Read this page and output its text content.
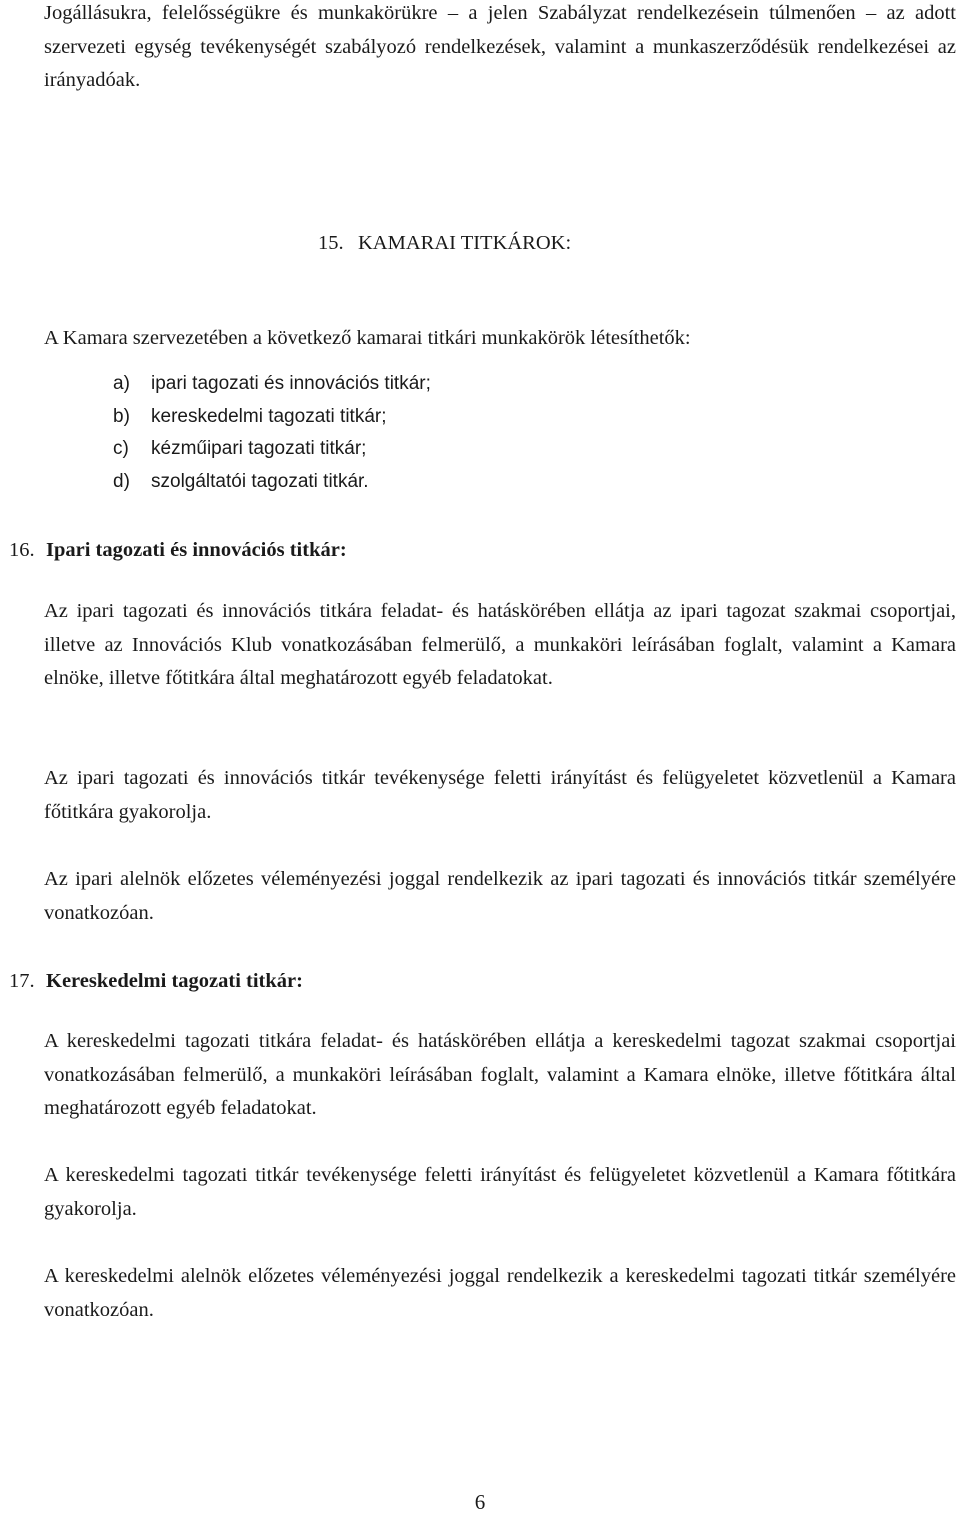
Jogállásukra, felelősségükre és munkakörükre – a jelen Szabályzat rendelkezésein túlmenően – az adott szervezeti egység tevékenységét szabályozó rendelkezések, valamint a munkaszerződésük rendelkezései az irányadóak.

15. KAMARAI TITKÁROK:

A Kamara szervezetében a következő kamarai titkári munkakörök létesíthetők:

a) ipari tagozati és innovációs titkár;
b) kereskedelmi tagozati titkár;
c) kézműipari tagozati titkár;
d) szolgáltatói tagozati titkár.
16. Ipari tagozati és innovációs titkár:

Az ipari tagozati és innovációs titkára feladat- és hatáskörében ellátja az ipari tagozat szakmai csoportjai, illetve az Innovációs Klub vonatkozásában felmerülő, a munkaköri leírásában foglalt, valamint a Kamara elnöke, illetve főtitkára által meghatározott egyéb feladatokat.

Az ipari tagozati és innovációs titkár tevékenysége feletti irányítást és felügyeletet közvetlenül a Kamara főtitkára gyakorolja.

Az ipari alelnök előzetes véleményezési joggal rendelkezik az ipari tagozati és innovációs titkár személyére vonatkozóan.

17. Kereskedelmi tagozati titkár:

A kereskedelmi tagozati titkára feladat- és hatáskörében ellátja a kereskedelmi tagozat szakmai csoportjai vonatkozásában felmerülő, a munkaköri leírásában foglalt, valamint a Kamara elnöke, illetve főtitkára által meghatározott egyéb feladatokat.

A kereskedelmi tagozati titkár tevékenysége feletti irányítást és felügyeletet közvetlenül a Kamara főtitkára gyakorolja.

A kereskedelmi alelnök előzetes véleményezési joggal rendelkezik a kereskedelmi tagozati titkár személyére vonatkozóan.

6
